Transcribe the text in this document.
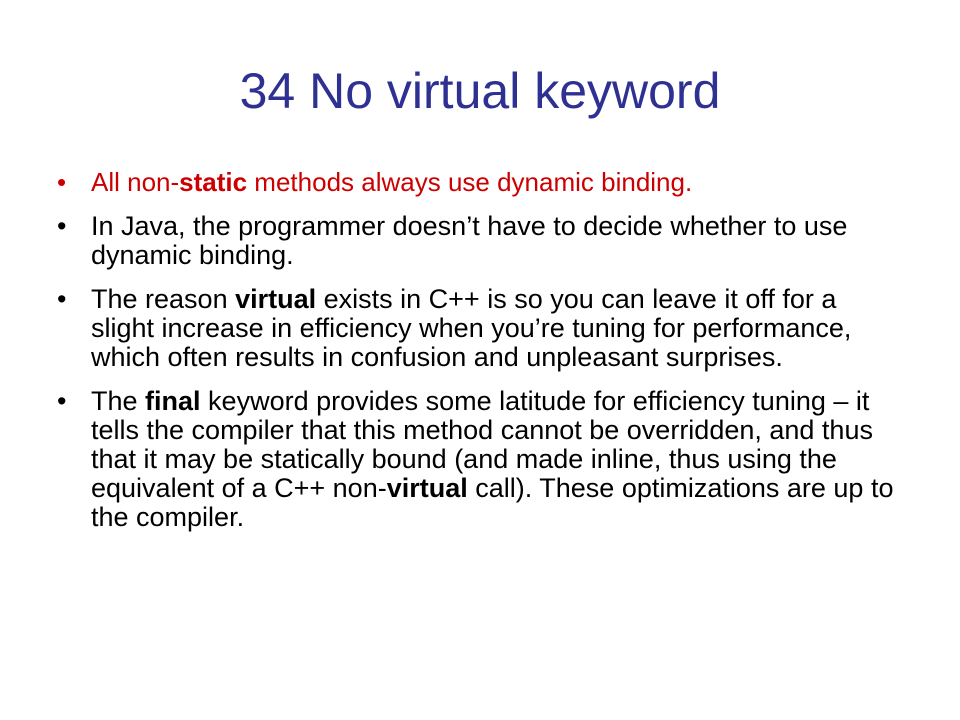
34 No virtual keyword
• All non-static methods always use dynamic binding.
• In Java, the programmer doesn’t have to decide whether to use dynamic binding.
• The reason virtual exists in C++ is so you can leave it off for a slight increase in efficiency when you’re tuning for performance, which often results in confusion and unpleasant surprises.
• The final keyword provides some latitude for efficiency tuning – it tells the compiler that this method cannot be overridden, and thus that it may be statically bound (and made inline, thus using the equivalent of a C++ non-virtual call). These optimizations are up to the compiler.
